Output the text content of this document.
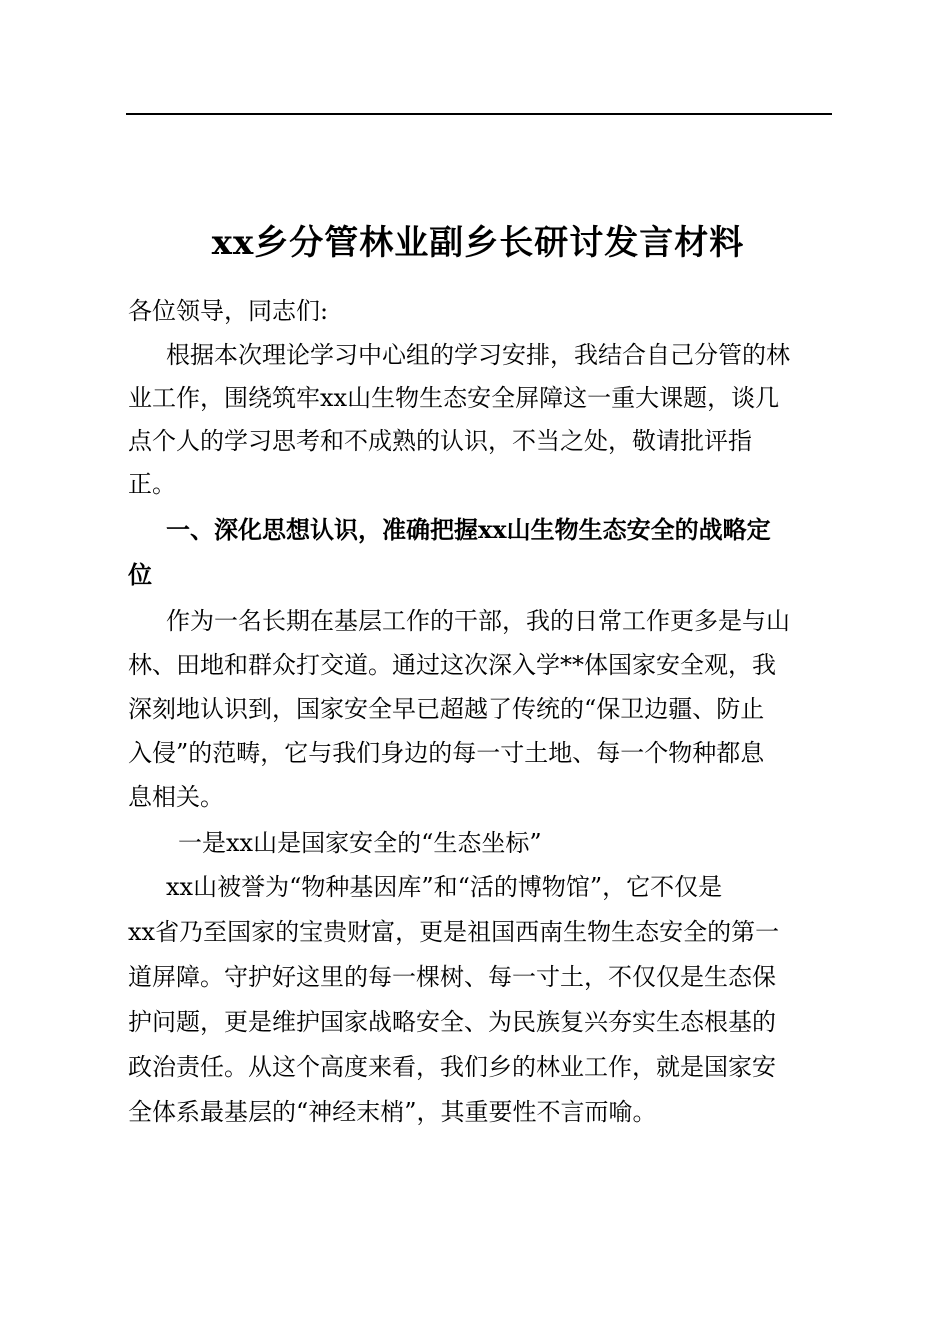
xx乡分管林业副乡长研讨发言材料

各位领导，同志们:

根据本次理论学习中心组的学习安排，我结合自己分管的林

业工作，围绕筑牢xx山生物生态安全屏障这一重大课题，谈几

点个人的学习思考和不成熟的认识，不当之处，敬请批评指

正。

一、深化思想认识，准确把握xx山生物生态安全的战略定

位

作为一名长期在基层工作的干部，我的日常工作更多是与山

林、田地和群众打交道。通过这次深入学**体国家安全观，我

深刻地认识到，国家安全早已超越了传统的“保卫边疆、防止

入侵”的范畴，它与我们身边的每一寸土地、每一个物种都息

息相关。

一是xx山是国家安全的“生态坐标”

xx山被誉为“物种基因库”和“活的博物馆”，它不仅是

xx省乃至国家的宝贵财富，更是祖国西南生物生态安全的第一

道屏障。守护好这里的每一棵树、每一寸土，不仅仅是生态保

护问题，更是维护国家战略安全、为民族复兴夯实生态根基的

政治责任。从这个高度来看，我们乡的林业工作，就是国家安

全体系最基层的“神经末梢”，其重要性不言而喻。
